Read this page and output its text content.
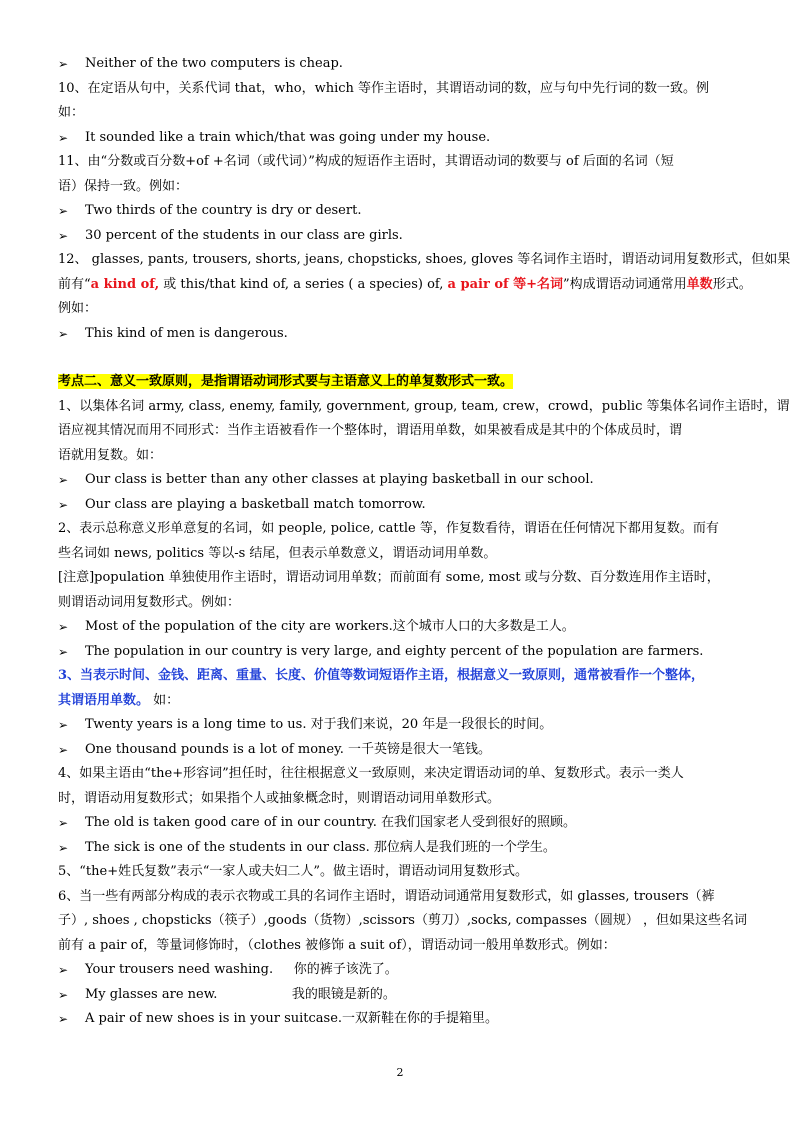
➢	Neither of the two computers is cheap.
10、在定语从句中，关系代词 that，who，which 等作主语时，其谓语动词的数，应与句中先行词的数一致。例
如：
➢	It sounded like a train which/that was going under my house.
11、由“分数或百分数+of +名词（或代词）”构成的短语作主语时，其谓语动词的数要与 of 后面的名词（短
语）保持一致。例如：
➢	Two thirds of the country is dry or desert.
➢	30 percent of the students in our class are girls.
12、 glasses, pants, trousers, shorts, jeans, chopsticks, shoes, gloves 等名词作主语时，谓语动词用复数形式，但如果
前有“a kind of, 或 this/that kind of, a series ( a species) of, a pair of 等+名词”构成谓语动词通常用单数形式。
例如：
➢	This kind of men is dangerous.
考点二、意义一致原则，是指谓语动词形式要与主语意义上的单复数形式一致。
1、以集体名词 army, class, enemy, family, government, group, team, crew，crowd，public 等集体名词作主语时，谓
语应视其情况而用不同形式：当作主语被看作一个整体时，谓语用单数，如果被看成是其中的个体成员时，谓
语就用复数。如：
➢	Our class is better than any other classes at playing basketball in our school.
➢	Our class are playing a basketball match tomorrow.
2、表示总称意义形单意复的名词，如 people, police, cattle 等，作复数看待，谓语在任何情况下都用复数。而有
些名词如 news, politics 等以-s 结尾，但表示单数意义，谓语动词用单数。
[注意]population 单独使用作主语时，谓语动词用单数；而前面有 some, most 或与分数、百分数连用作主语时，
则谓语动词用复数形式。例如：
➢	Most of the population of the city are workers.这个城市人口的大多数是工人。
➢	The population in our country is very large, and eighty percent of the population are farmers.
3、当表示时间、金钱、距离、重量、长度、价值等数词短语作主语，根据意义一致原则，通常被看作一个整体，
其谓语用单数。 如：
➢	Twenty years is a long time to us. 对于我们来说，20 年是一段很长的时间。
➢	One thousand pounds is a lot of money. 一千英镑是很大一笔钱。
4、如果主语由“the+形容词”担任时，往往根据意义一致原则，来决定谓语动词的单、复数形式。表示一类人
时，谓语动用复数形式；如果指个人或抽象概念时，则谓语动词用单数形式。
➢	The old is taken good care of in our country. 在我们国家老人受到很好的照顾。
➢	The sick is one of the students in our class. 那位病人是我们班的一个学生。
5、“the+姓氏复数”表示“一家人或夫妇二人”。做主语时，谓语动词用复数形式。
6、当一些有两部分构成的表示衣物或工具的名词作主语时，谓语动词通常用复数形式，如 glasses, trousers（裤
子）, shoes , chopsticks（筷子）,goods（货物）,scissors（剪刀）,socks, compasses（圆规） ，但如果这些名词
前有 a pair of，等量词修饰时，（clothes 被修饰 a suit of），谓语动词一般用单数形式。例如：
➢	Your trousers need washing.     你的裤子该洗了。
➢	My glasses are new.                  我的眼镜是新的。
➢	A pair of new shoes is in your suitcase.一双新鞋在你的手提箱里。
2
